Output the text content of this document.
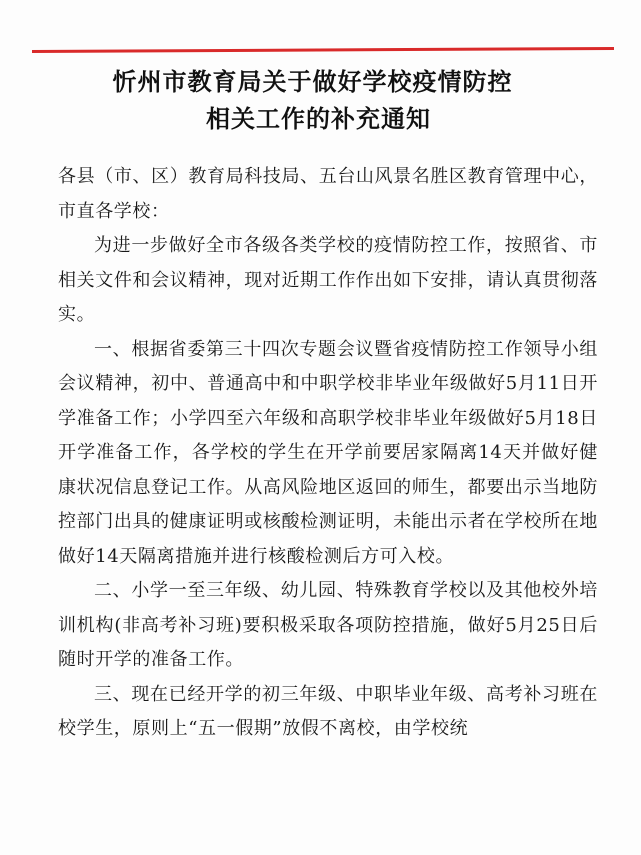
忻州市教育局关于做好学校疫情防控
相关工作的补充通知

各县（市、区）教育局科技局、五台山风景名胜区教育管理中心，市直各学校：

为进一步做好全市各级各类学校的疫情防控工作，按照省、市相关文件和会议精神，现对近期工作作出如下安排，请认真贯彻落实。

一、根据省委第三十四次专题会议暨省疫情防控工作领导小组会议精神，初中、普通高中和中职学校非毕业年级做好5月11日开学准备工作；小学四至六年级和高职学校非毕业年级做好5月18日开学准备工作，各学校的学生在开学前要居家隔离14天并做好健康状况信息登记工作。从高风险地区返回的师生，都要出示当地防控部门出具的健康证明或核酸检测证明，未能出示者在学校所在地做好14天隔离措施并进行核酸检测后方可入校。

二、小学一至三年级、幼儿园、特殊教育学校以及其他校外培训机构(非高考补习班)要积极采取各项防控措施，做好5月25日后随时开学的准备工作。

三、现在已经开学的初三年级、中职毕业年级、高考补习班在校学生，原则上“五一假期”放假不离校，由学校统
